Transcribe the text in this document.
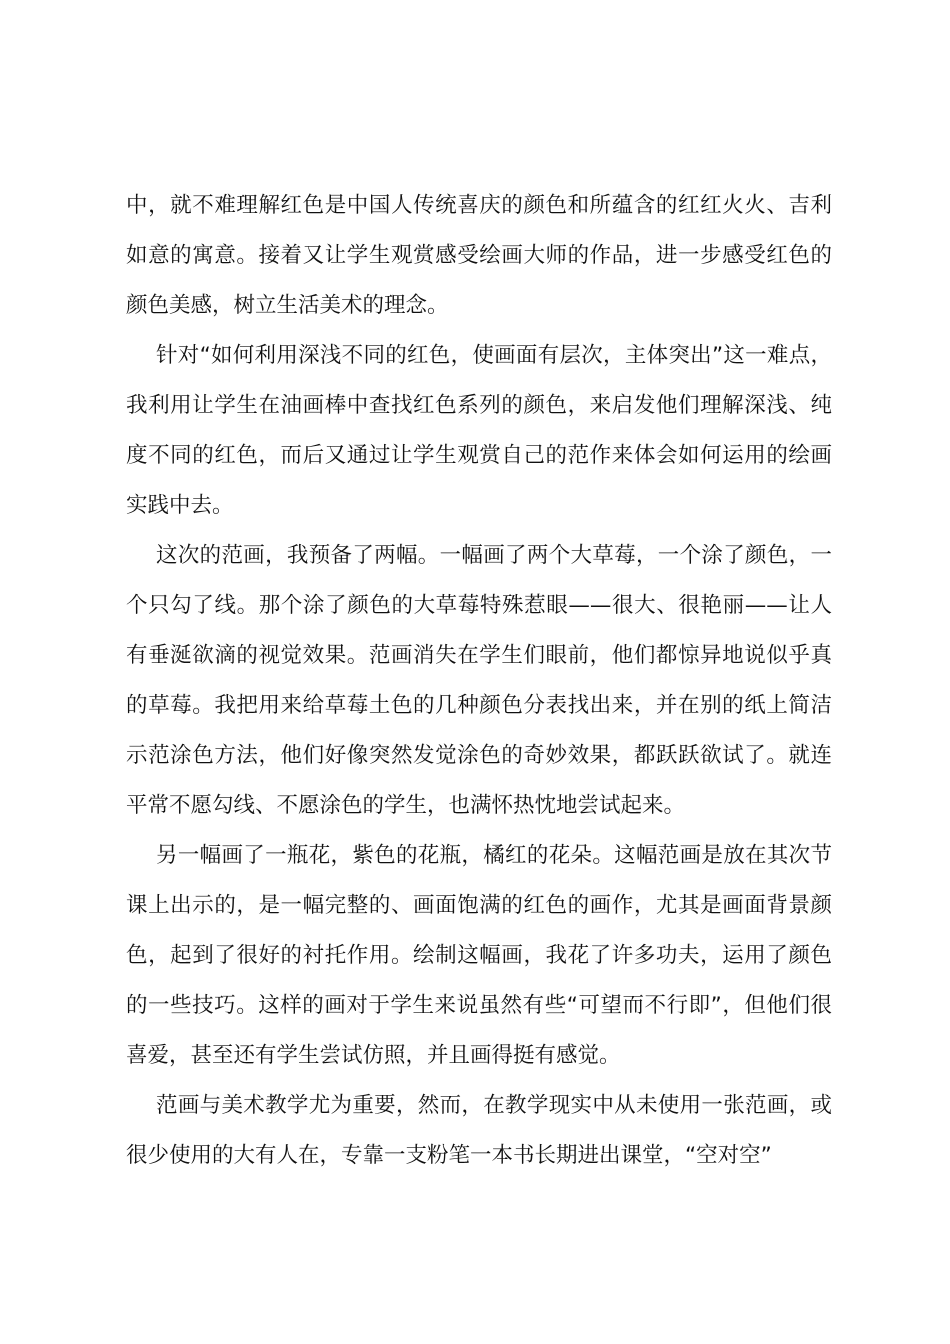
中，就不难理解红色是中国人传统喜庆的颜色和所蕴含的红红火火、吉利如意的寓意。接着又让学生观赏感受绘画大师的作品，进一步感受红色的颜色美感，树立生活美术的理念。

针对“如何利用深浅不同的红色，使画面有层次，主体突出”这一难点，我利用让学生在油画棒中查找红色系列的颜色，来启发他们理解深浅、纯度不同的红色，而后又通过让学生观赏自己的范作来体会如何运用的绘画实践中去。

这次的范画，我预备了两幅。一幅画了两个大草莓，一个涂了颜色，一个只勾了线。那个涂了颜色的大草莓特殊惹眼——很大、很艳丽——让人有垂涎欲滴的视觉效果。范画消失在学生们眼前，他们都惊异地说似乎真的草莓。我把用来给草莓土色的几种颜色分表找出来，并在别的纸上简洁示范涂色方法，他们好像突然发觉涂色的奇妙效果，都跃跃欲试了。就连平常不愿勾线、不愿涂色的学生，也满怀热忱地尝试起来。

另一幅画了一瓶花，紫色的花瓶，橘红的花朵。这幅范画是放在其次节课上出示的，是一幅完整的、画面饱满的红色的画作，尤其是画面背景颜色，起到了很好的衬托作用。绘制这幅画，我花了许多功夫，运用了颜色的一些技巧。这样的画对于学生来说虽然有些“可望而不行即”，但他们很喜爱，甚至还有学生尝试仿照，并且画得挺有感觉。

范画与美术教学尤为重要，然而，在教学现实中从未使用一张范画，或很少使用的大有人在，专靠一支粉笔一本书长期进出课堂，“空对空”
